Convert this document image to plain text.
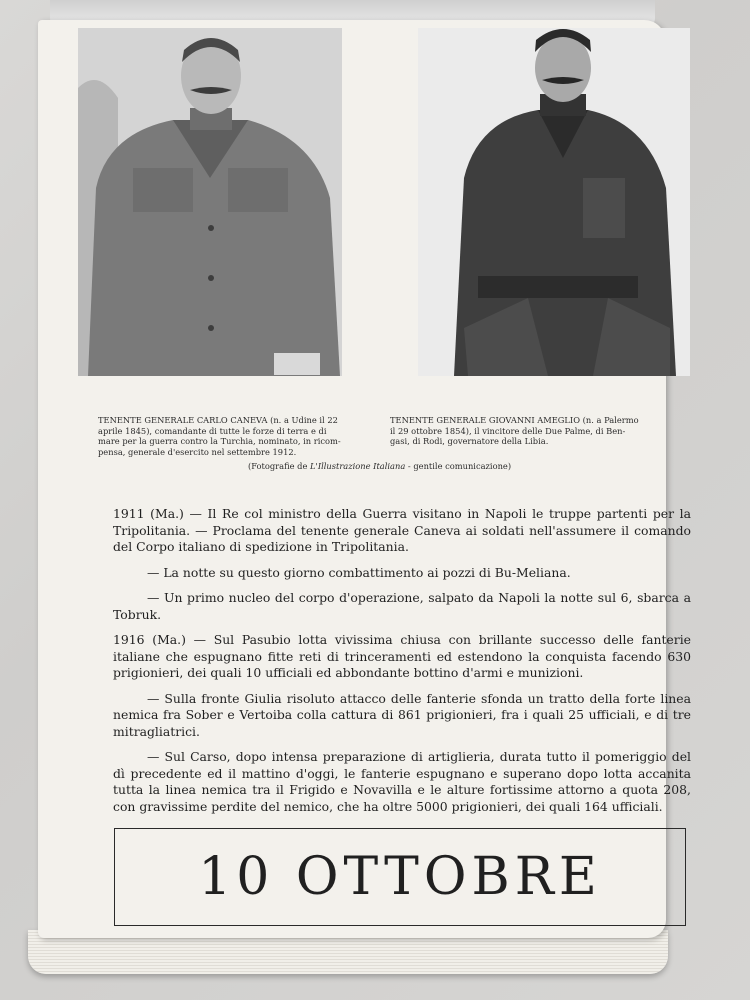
TENENTE GENERALE CARLO CANEVA (n. a Udine il 22
aprile 1845), comandante di tutte le forze di terra e di
mare per la guerra contro la Turchia, nominato, in ricom-
pensa, generale d'esercito nel settembre 1912.
TENENTE GENERALE GIOVANNI AMEGLIO (n. a Palermo
il 29 ottobre 1854), il vincitore delle Due Palme, di Ben-
gasi, di Rodi, governatore della Libia.
(Fotografie de L'Illustrazione Italiana - gentile comunicazione)

1911 (Ma.) — Il Re col ministro della Guerra visitano in Napoli le truppe partenti per la Tripolitania. — Proclama del tenente generale Caneva ai soldati nell'assumere il comando del Corpo italiano di spedizione in Tripolitania.

— La notte su questo giorno combattimento ai pozzi di Bu-Meliana.

— Un primo nucleo del corpo d'operazione, salpato da Napoli la notte sul 6, sbarca a Tobruk.

1916 (Ma.) — Sul Pasubio lotta vivissima chiusa con brillante successo delle fanterie italiane che espugnano fitte reti di trinceramenti ed estendono la conquista facendo 630 prigionieri, dei quali 10 ufficiali ed abbondante bottino d'armi e munizioni.

— Sulla fronte Giulia risoluto attacco delle fanterie sfonda un tratto della forte linea nemica fra Sober e Vertoiba colla cattura di 861 prigionieri, fra i quali 25 ufficiali, e di tre mitragliatrici.

— Sul Carso, dopo intensa preparazione di artiglieria, durata tutto il pomeriggio del dì precedente ed il mattino d'oggi, le fanterie espugnano e superano dopo lotta accanita tutta la linea nemica tra il Frigido e Novavilla e le alture fortissime attorno a quota 208, con gravissime perdite del nemico, che ha oltre 5000 prigionieri, dei quali 164 ufficiali.

10 OTTOBRE
